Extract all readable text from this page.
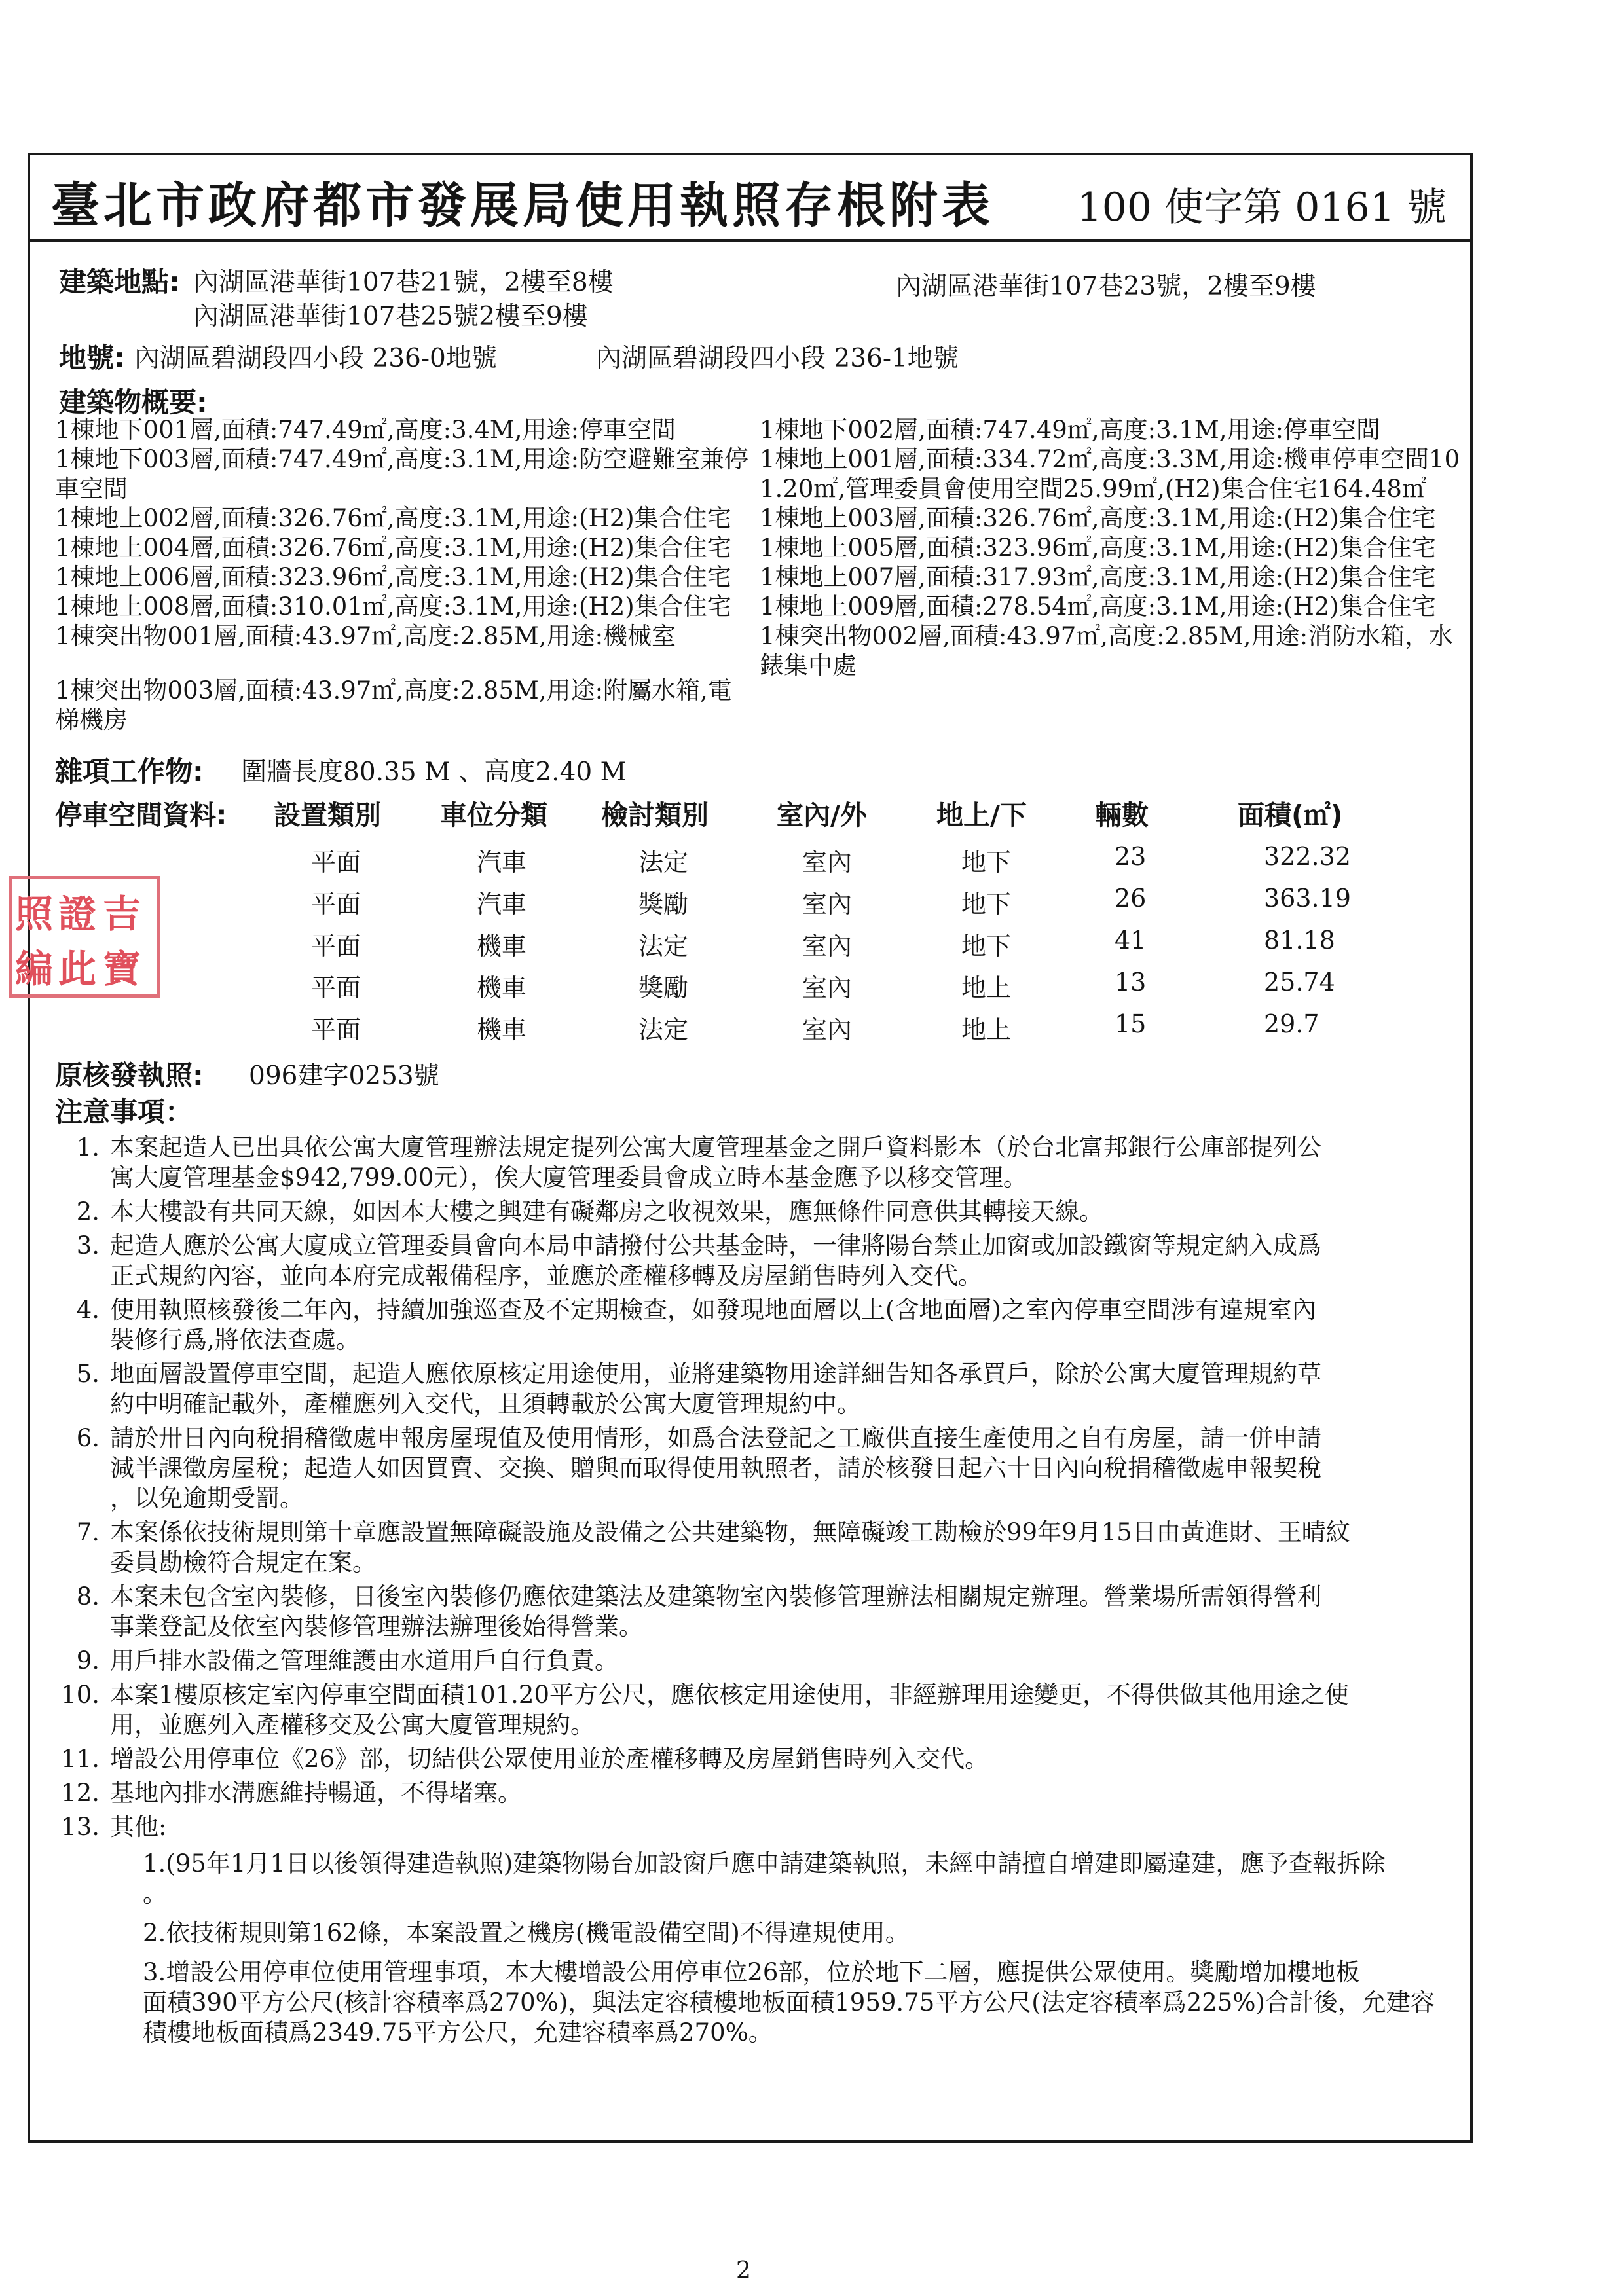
臺北市政府都市發展局使用執照存根附表 100 使字第 0161 號
建築地點: 內湖區港華街107巷21號，2樓至8樓	內湖區港華街107巷23號，2樓至9樓
內湖區港華街107巷25號2樓至9樓
地號: 內湖區碧湖段四小段 236-0地號	內湖區碧湖段四小段 236-1地號
建築物概要:
1棟地下001層,面積:747.49㎡,高度:3.4M,用途:停車空間
1棟地下003層,面積:747.49㎡,高度:3.1M,用途:防空避難室兼停
車空間
1棟地上002層,面積:326.76㎡,高度:3.1M,用途:(H2)集合住宅
1棟地上004層,面積:326.76㎡,高度:3.1M,用途:(H2)集合住宅
1棟地上006層,面積:323.96㎡,高度:3.1M,用途:(H2)集合住宅
1棟地上008層,面積:310.01㎡,高度:3.1M,用途:(H2)集合住宅
1棟突出物001層,面積:43.97㎡,高度:2.85M,用途:機械室
1棟地下002層,面積:747.49㎡,高度:3.1M,用途:停車空間
1棟地上001層,面積:334.72㎡,高度:3.3M,用途:機車停車空間10
1.20㎡,管理委員會使用空間25.99㎡,(H2)集合住宅164.48㎡
1棟地上003層,面積:326.76㎡,高度:3.1M,用途:(H2)集合住宅
1棟地上005層,面積:323.96㎡,高度:3.1M,用途:(H2)集合住宅
1棟地上007層,面積:317.93㎡,高度:3.1M,用途:(H2)集合住宅
1棟地上009層,面積:278.54㎡,高度:3.1M,用途:(H2)集合住宅
1棟突出物002層,面積:43.97㎡,高度:2.85M,用途:消防水箱，水
錶集中處
1棟突出物003層,面積:43.97㎡,高度:2.85M,用途:附屬水箱,電
梯機房
雜項工作物: 圍牆長度80.35 M 、高度2.40 M
停車空間資料: 設置類別 車位分類 檢討類別	室內/外	地上/下	輛數	面積(㎡)
平面	汽車	法定	室內	地下	23	322.32
平面	汽車	獎勵	室內	地下	26	363.19
平面	機車	法定	室內	地下	41	81.18
平面	機車	獎勵	室內	地上	13	25.74
平面	機車	法定	室內	地上	15	29.7
吉
寶
證
此
照
編
原核發執照: 096建字0253號
注意事項：
1. 本案起造人已出具依公寓大廈管理辦法規定提列公寓大廈管理基金之開戶資料影本（於台北富邦銀行公庫部提列公
寓大廈管理基金$942,799.00元），俟大廈管理委員會成立時本基金應予以移交管理。
2. 本大樓設有共同天線，如因本大樓之興建有礙鄰房之收視效果，應無條件同意供其轉接天線。
3. 起造人應於公寓大廈成立管理委員會向本局申請撥付公共基金時，一律將陽台禁止加窗或加設鐵窗等規定納入成爲
正式規約內容，並向本府完成報備程序，並應於產權移轉及房屋銷售時列入交代。
4. 使用執照核發後二年內，持續加強巡查及不定期檢查，如發現地面層以上(含地面層)之室內停車空間涉有違規室內
裝修行爲,將依法查處。
5. 地面層設置停車空間，起造人應依原核定用途使用，並將建築物用途詳細告知各承買戶，除於公寓大廈管理規約草
約中明確記載外，產權應列入交代，且須轉載於公寓大廈管理規約中。
6. 請於卅日內向稅捐稽徵處申報房屋現值及使用情形，如爲合法登記之工廠供直接生產使用之自有房屋，請一併申請
減半課徵房屋稅；起造人如因買賣、交換、贈與而取得使用執照者，請於核發日起六十日內向稅捐稽徵處申報契稅
，以免逾期受罰。
7. 本案係依技術規則第十章應設置無障礙設施及設備之公共建築物，無障礙竣工勘檢於99年9月15日由黃進財、王晴紋
委員勘檢符合規定在案。
8. 本案未包含室內裝修，日後室內裝修仍應依建築法及建築物室內裝修管理辦法相關規定辦理。營業場所需領得營利
事業登記及依室內裝修管理辦法辦理後始得營業。
9. 用戶排水設備之管理維護由水道用戶自行負責。
10. 本案1樓原核定室內停車空間面積101.20平方公尺，應依核定用途使用，非經辦理用途變更，不得供做其他用途之使
用，並應列入產權移交及公寓大廈管理規約。
11. 增設公用停車位《26》部，切結供公眾使用並於產權移轉及房屋銷售時列入交代。
12. 基地內排水溝應維持暢通，不得堵塞。
13. 其他:
1.(95年1月1日以後領得建造執照)建築物陽台加設窗戶應申請建築執照，未經申請擅自增建即屬違建，應予查報拆除
。
2.依技術規則第162條，本案設置之機房(機電設備空間)不得違規使用。
3.增設公用停車位使用管理事項，本大樓增設公用停車位26部，位於地下二層，應提供公眾使用。獎勵增加樓地板
面積390平方公尺(核計容積率爲270%)，與法定容積樓地板面積1959.75平方公尺(法定容積率爲225%)合計後，允建容
積樓地板面積爲2349.75平方公尺，允建容積率爲270%。
2
